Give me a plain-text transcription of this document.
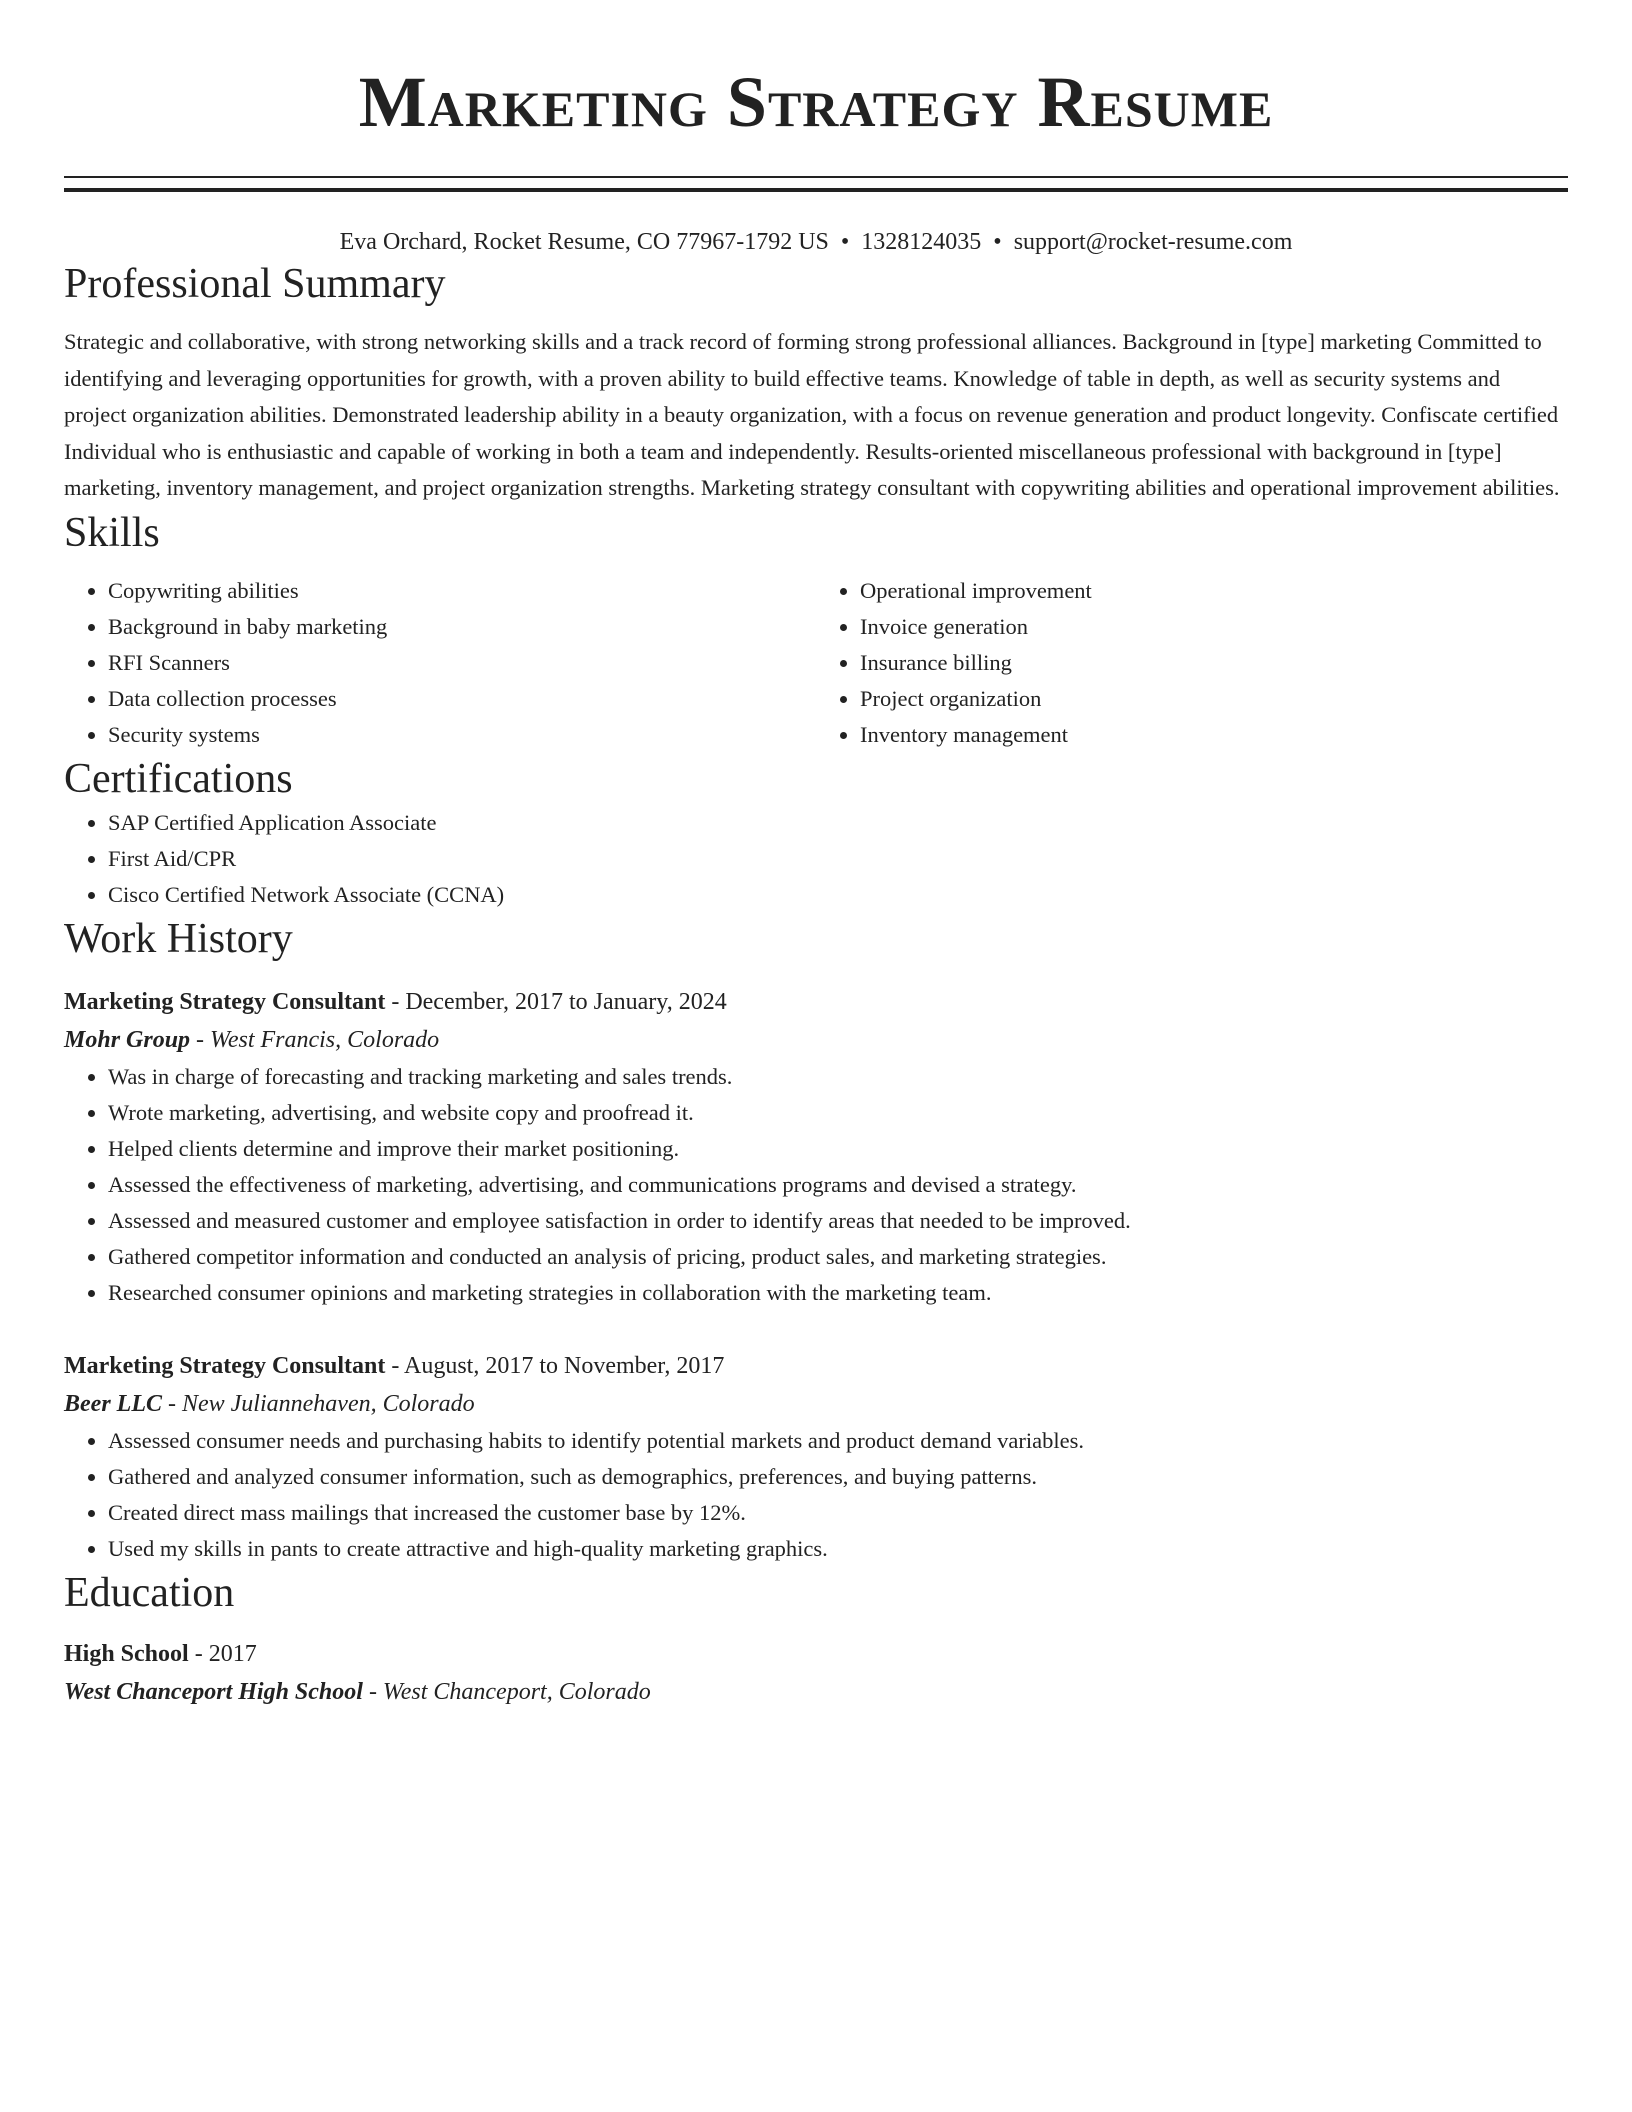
Marketing Strategy Resume
Eva Orchard, Rocket Resume, CO 77967-1792 US • 1328124035 • support@rocket-resume.com
Professional Summary
Strategic and collaborative, with strong networking skills and a track record of forming strong professional alliances. Background in [type] marketing Committed to identifying and leveraging opportunities for growth, with a proven ability to build effective teams. Knowledge of table in depth, as well as security systems and project organization abilities. Demonstrated leadership ability in a beauty organization, with a focus on revenue generation and product longevity. Confiscate certified Individual who is enthusiastic and capable of working in both a team and independently. Results-oriented miscellaneous professional with background in [type] marketing, inventory management, and project organization strengths. Marketing strategy consultant with copywriting abilities and operational improvement abilities.
Skills
• Copywriting abilities
• Background in baby marketing
• RFI Scanners
• Data collection processes
• Security systems
• Operational improvement
• Invoice generation
• Insurance billing
• Project organization
• Inventory management
Certifications
• SAP Certified Application Associate
• First Aid/CPR
• Cisco Certified Network Associate (CCNA)
Work History
Marketing Strategy Consultant - December, 2017 to January, 2024
Mohr Group - West Francis, Colorado
• Was in charge of forecasting and tracking marketing and sales trends.
• Wrote marketing, advertising, and website copy and proofread it.
• Helped clients determine and improve their market positioning.
• Assessed the effectiveness of marketing, advertising, and communications programs and devised a strategy.
• Assessed and measured customer and employee satisfaction in order to identify areas that needed to be improved.
• Gathered competitor information and conducted an analysis of pricing, product sales, and marketing strategies.
• Researched consumer opinions and marketing strategies in collaboration with the marketing team.
Marketing Strategy Consultant - August, 2017 to November, 2017
Beer LLC - New Juliannehaven, Colorado
• Assessed consumer needs and purchasing habits to identify potential markets and product demand variables.
• Gathered and analyzed consumer information, such as demographics, preferences, and buying patterns.
• Created direct mass mailings that increased the customer base by 12%.
• Used my skills in pants to create attractive and high-quality marketing graphics.
Education
High School - 2017
West Chanceport High School - West Chanceport, Colorado
